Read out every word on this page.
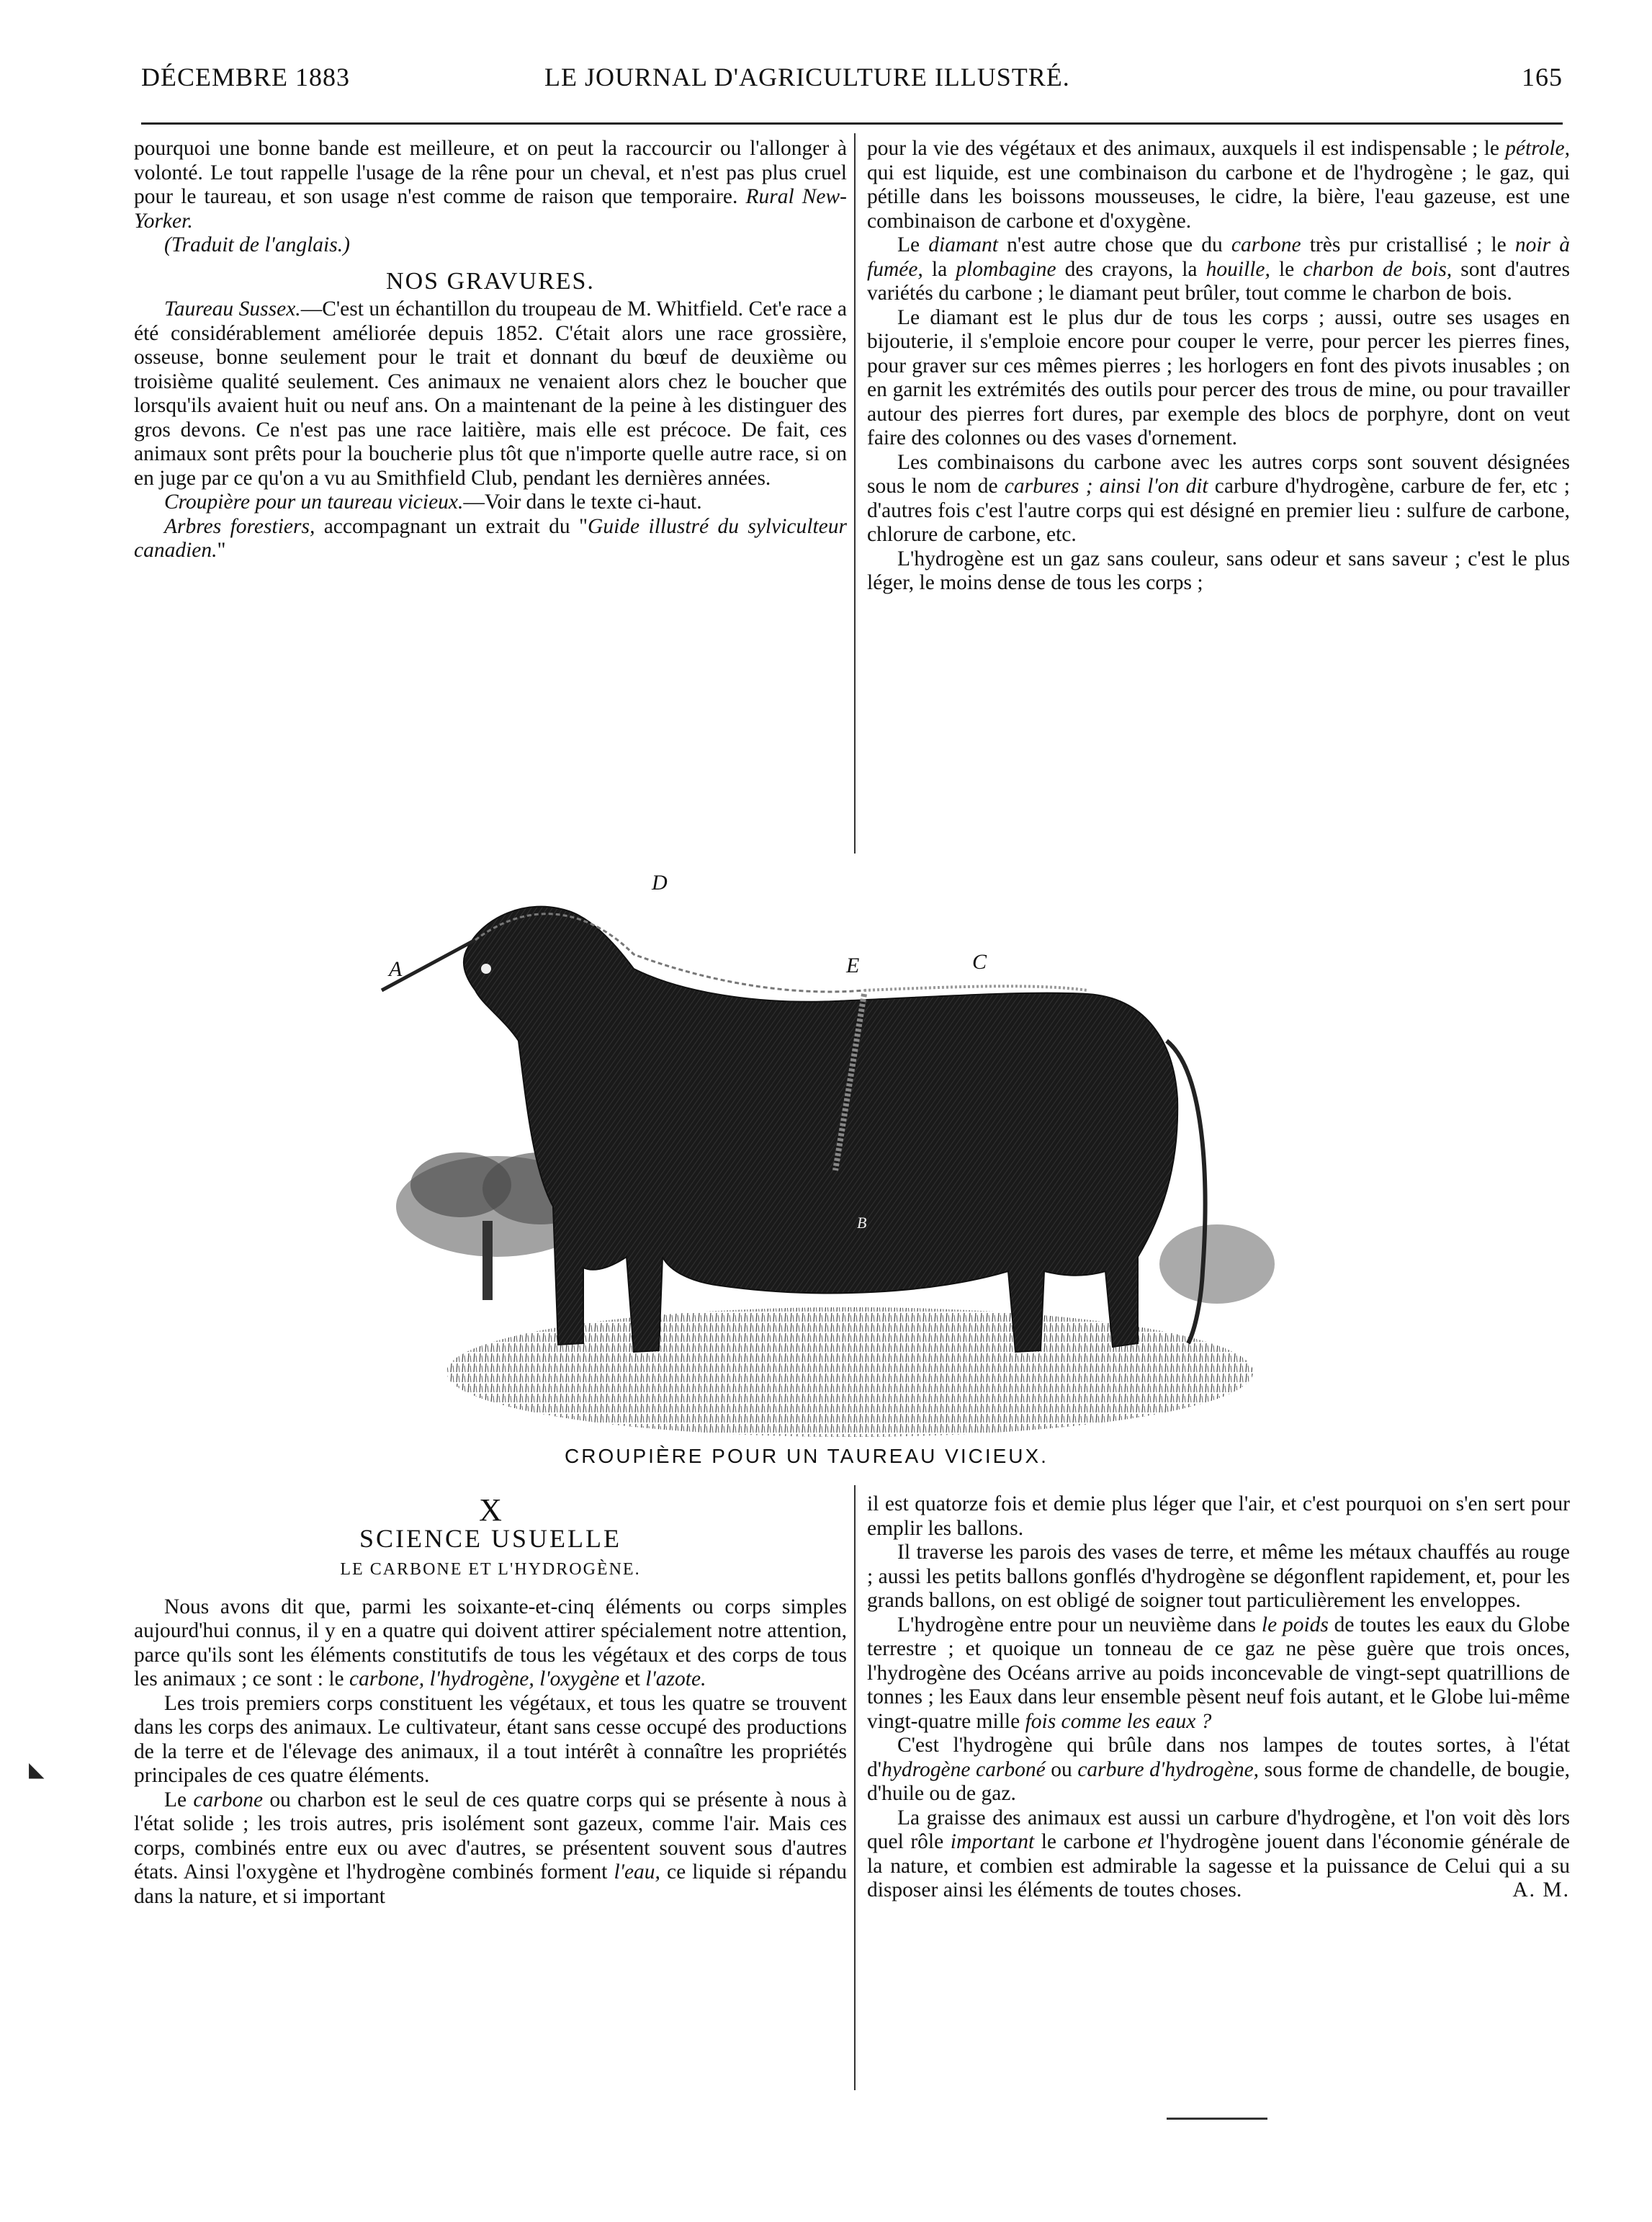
DÉCEMBRE 1883	LE JOURNAL D'AGRICULTURE ILLUSTRÉ.	165

pourquoi une bonne bande est meilleure, et on peut la raccourcir ou l'allonger à volonté. Le tout rappelle l'usage de la rêne pour un cheval, et n'est pas plus cruel pour le taureau, et son usage n'est comme de raison que temporaire. Rural New-Yorker.

(Traduit de l'anglais.)

NOS GRAVURES.

Taureau Sussex.—C'est un échantillon du troupeau de M. Whitfield. Cet'e race a été considérablement améliorée depuis 1852. C'était alors une race grossière, osseuse, bonne seulement pour le trait et donnant du bœuf de deuxième ou troisième qualité seulement. Ces animaux ne venaient alors chez le boucher que lorsqu'ils avaient huit ou neuf ans. On a maintenant de la peine à les distinguer des gros devons. Ce n'est pas une race laitière, mais elle est précoce. De fait, ces animaux sont prêts pour la boucherie plus tôt que n'importe quelle autre race, si on en juge par ce qu'on a vu au Smithfield Club, pendant les dernières années.

Croupière pour un taureau vicieux.—Voir dans le texte ci-haut.

Arbres forestiers, accompagnant un extrait du "Guide illustré du sylviculteur canadien."

pour la vie des végétaux et des animaux, auxquels il est indispensable ; le pétrole, qui est liquide, est une combinaison du carbone et de l'hydrogène ; le gaz, qui pétille dans les boissons mousseuses, le cidre, la bière, l'eau gazeuse, est une combinaison de carbone et d'oxygène.

Le diamant n'est autre chose que du carbone très pur cristallisé ; le noir à fumée, la plombagine des crayons, la houille, le charbon de bois, sont d'autres variétés du carbone ; le diamant peut brûler, tout comme le charbon de bois.

Le diamant est le plus dur de tous les corps ; aussi, outre ses usages en bijouterie, il s'emploie encore pour couper le verre, pour percer les pierres fines, pour graver sur ces mêmes pierres ; les horlogers en font des pivots inusables ; on en garnit les extrémités des outils pour percer des trous de mine, ou pour travailler autour des pierres fort dures, par exemple des blocs de porphyre, dont on veut faire des colonnes ou des vases d'ornement.

Les combinaisons du carbone avec les autres corps sont souvent désignées sous le nom de carbures ; ainsi l'on dit carbure d'hydrogène, carbure de fer, etc ; d'autres fois c'est l'autre corps qui est désigné en premier lieu : sulfure de carbone, chlorure de carbone, etc.

L'hydrogène est un gaz sans couleur, sans odeur et sans saveur ; c'est le plus léger, le moins dense de tous les corps ;

A
D
E	C
B
CROUPIÈRE POUR UN TAUREAU VICIEUX.
X
SCIENCE USUELLE
LE CARBONE ET L'HYDROGÈNE.

Nous avons dit que, parmi les soixante-et-cinq éléments ou corps simples aujourd'hui connus, il y en a quatre qui doivent attirer spécialement notre attention, parce qu'ils sont les éléments constitutifs de tous les végétaux et des corps de tous les animaux ; ce sont : le carbone, l'hydrogène, l'oxygène et l'azote.

Les trois premiers corps constituent les végétaux, et tous les quatre se trouvent dans les corps des animaux. Le cultivateur, étant sans cesse occupé des productions de la terre et de l'élevage des animaux, il a tout intérêt à connaître les propriétés principales de ces quatre éléments.

Le carbone ou charbon est le seul de ces quatre corps qui se présente à nous à l'état solide ; les trois autres, pris isolément sont gazeux, comme l'air. Mais ces corps, combinés entre eux ou avec d'autres, se présentent souvent sous d'autres états. Ainsi l'oxygène et l'hydrogène combinés forment l'eau, ce liquide si répandu dans la nature, et si important

il est quatorze fois et demie plus léger que l'air, et c'est pourquoi on s'en sert pour emplir les ballons.

Il traverse les parois des vases de terre, et même les métaux chauffés au rouge ; aussi les petits ballons gonflés d'hydrogène se dégonflent rapidement, et, pour les grands ballons, on est obligé de soigner tout particulièrement les enveloppes.

L'hydrogène entre pour un neuvième dans le poids de toutes les eaux du Globe terrestre ; et quoique un tonneau de ce gaz ne pèse guère que trois onces, l'hydrogène des Océans arrive au poids inconcevable de vingt-sept quatrillions de tonnes ; les Eaux dans leur ensemble pèsent neuf fois autant, et le Globe lui-même vingt-quatre mille fois comme les eaux ?

C'est l'hydrogène qui brûle dans nos lampes de toutes sortes, à l'état d'hydrogène carboné ou carbure d'hydrogène, sous forme de chandelle, de bougie, d'huile ou de gaz.

La graisse des animaux est aussi un carbure d'hydrogène, et l'on voit dès lors quel rôle important le carbone et l'hydrogène jouent dans l'économie générale de la nature, et combien est admirable la sagesse et la puissance de Celui qui a su disposer ainsi les éléments de toutes choses.	A. M.

◣
